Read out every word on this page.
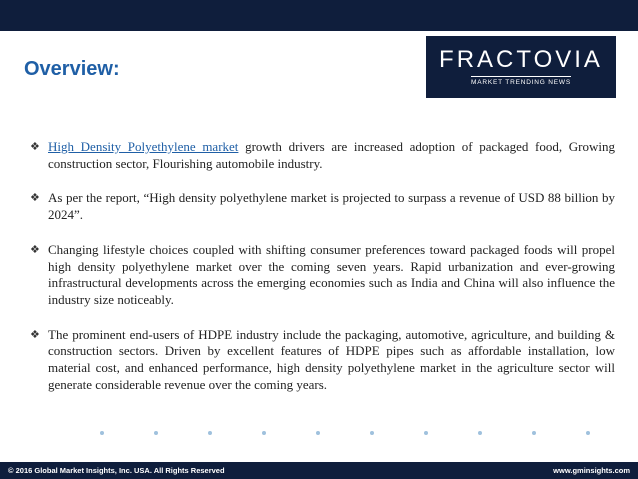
Overview:	FRACTOVIA
MARKET TRENDING NEWS
❖ High Density Polyethylene market growth drivers are increased adoption of packaged food, Growing construction sector, Flourishing automobile industry.
❖ As per the report, “High density polyethylene market is projected to surpass a revenue of USD 88 billion by 2024”.
❖ Changing lifestyle choices coupled with shifting consumer preferences toward packaged foods will propel high density polyethylene market over the coming seven years. Rapid urbanization and ever-growing infrastructural developments across the emerging economies such as India and China will also influence the industry size noticeably.
❖ The prominent end-users of HDPE industry include the packaging, automotive, agriculture, and building & construction sectors. Driven by excellent features of HDPE pipes such as affordable installation, low material cost, and enhanced performance, high density polyethylene market in the agriculture sector will generate considerable revenue over the coming years.
© 2016 Global Market Insights, Inc. USA. All Rights Reserved	www.gminsights.com
